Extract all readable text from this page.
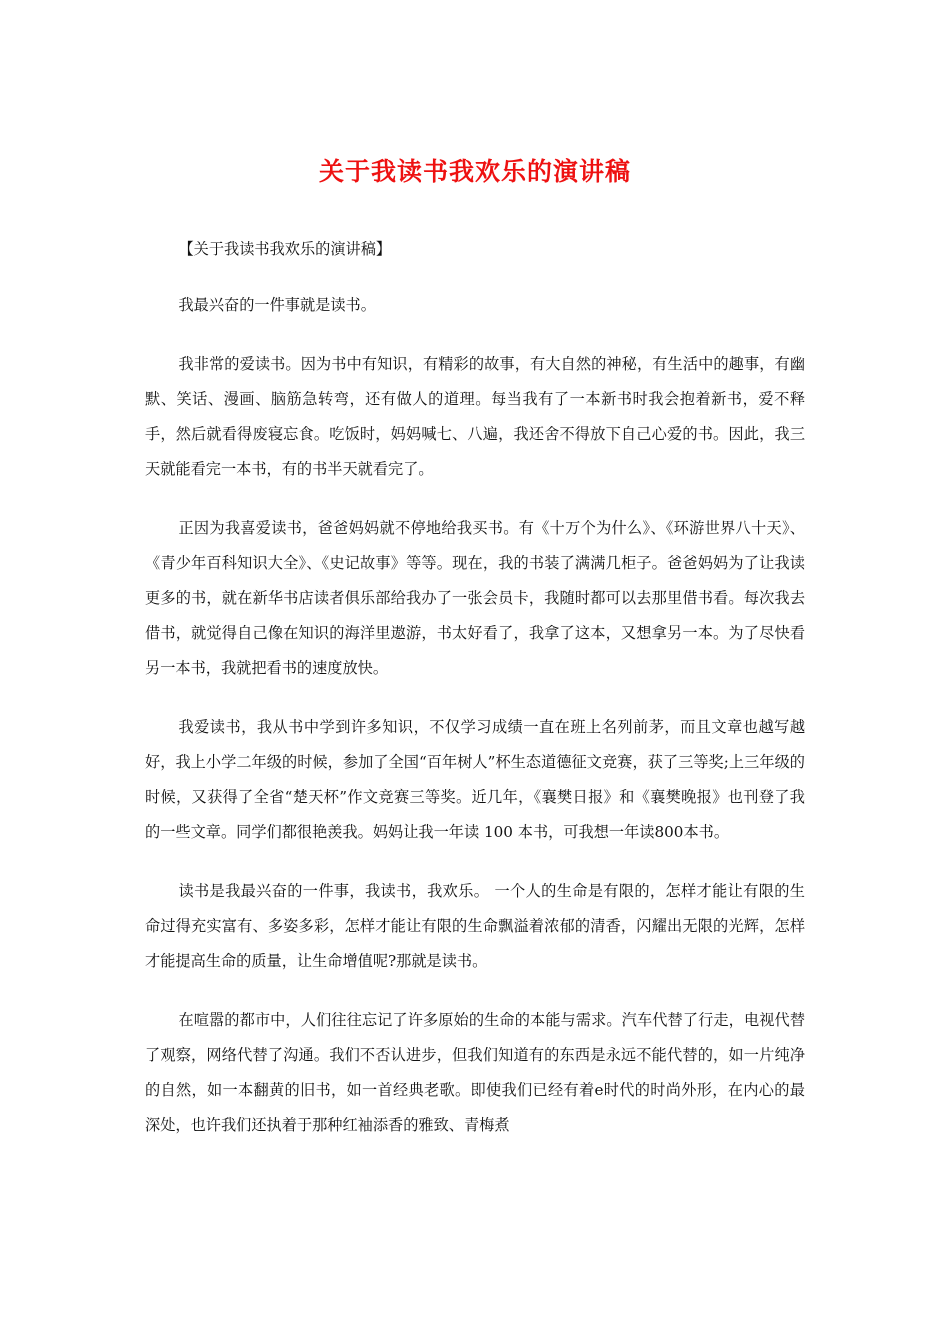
关于我读书我欢乐的演讲稿

【关于我读书我欢乐的演讲稿】

我最兴奋的一件事就是读书。

我非常的爱读书。因为书中有知识，有精彩的故事，有大自然的神秘，有生活中的趣事，有幽默、笑话、漫画、脑筋急转弯，还有做人的道理。每当我有了一本新书时我会抱着新书，爱不释手，然后就看得废寝忘食。吃饭时，妈妈喊七、八遍，我还舍不得放下自己心爱的书。因此，我三天就能看完一本书，有的书半天就看完了。

正因为我喜爱读书，爸爸妈妈就不停地给我买书。有《十万个为什么》、《环游世界八十天》、《青少年百科知识大全》、《史记故事》等等。现在，我的书装了满满几柜子。爸爸妈妈为了让我读更多的书，就在新华书店读者俱乐部给我办了一张会员卡，我随时都可以去那里借书看。每次我去借书，就觉得自己像在知识的海洋里遨游，书太好看了，我拿了这本，又想拿另一本。为了尽快看另一本书，我就把看书的速度放快。

我爱读书，我从书中学到许多知识，不仅学习成绩一直在班上名列前茅，而且文章也越写越好，我上小学二年级的时候，参加了全国“百年树人”杯生态道德征文竞赛，获了三等奖;上三年级的时候，又获得了全省“楚天杯”作文竞赛三等奖。近几年，《襄樊日报》和《襄樊晚报》也刊登了我的一些文章。同学们都很艳羡我。妈妈让我一年读 100 本书，可我想一年读800本书。

读书是我最兴奋的一件事，我读书，我欢乐。 一个人的生命是有限的，怎样才能让有限的生命过得充实富有、多姿多彩，怎样才能让有限的生命飘溢着浓郁的清香，闪耀出无限的光辉，怎样才能提高生命的质量，让生命增值呢?那就是读书。

在喧嚣的都市中，人们往往忘记了许多原始的生命的本能与需求。汽车代替了行走，电视代替了观察，网络代替了沟通。我们不否认进步，但我们知道有的东西是永远不能代替的，如一片纯净的自然，如一本翻黄的旧书，如一首经典老歌。即使我们已经有着e时代的时尚外形，在内心的最深处，也许我们还执着于那种红袖添香的雅致、青梅煮
